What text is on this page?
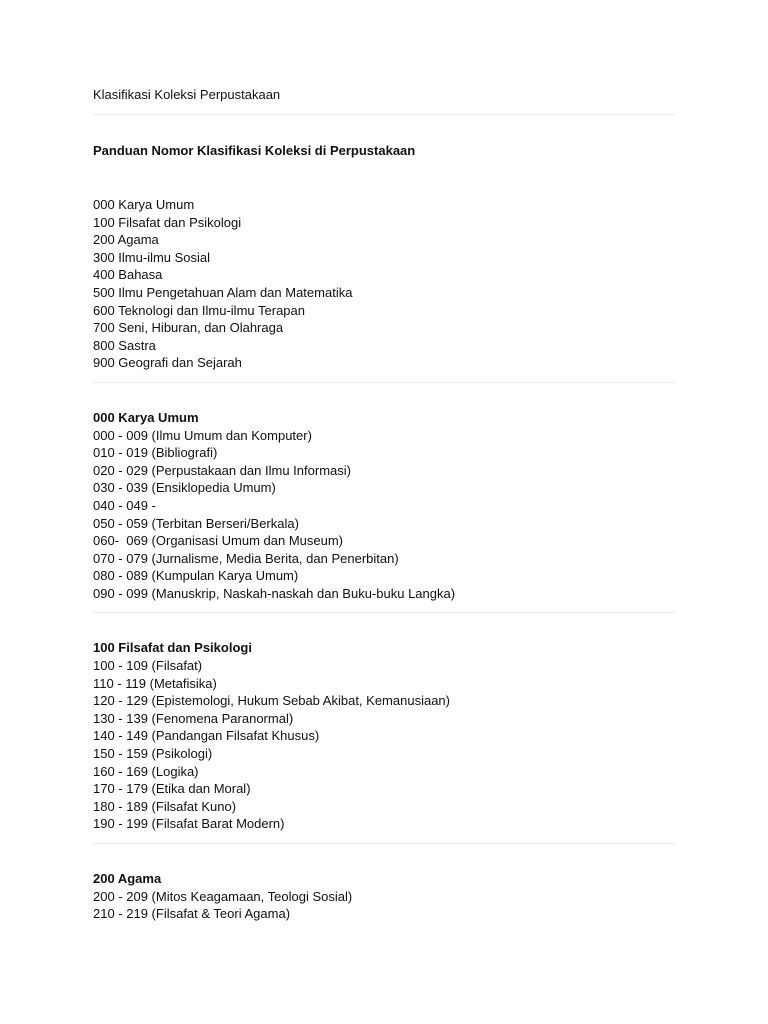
Klasifikasi Koleksi Perpustakaan

Panduan Nomor Klasifikasi Koleksi di Perpustakaan

000 Karya Umum
100 Filsafat dan Psikologi
200 Agama
300 Ilmu-ilmu Sosial
400 Bahasa
500 Ilmu Pengetahuan Alam dan Matematika
600 Teknologi dan Ilmu-ilmu Terapan
700 Seni, Hiburan, dan Olahraga
800 Sastra
900 Geografi dan Sejarah

000 Karya Umum

000 - 009 (Ilmu Umum dan Komputer)
010 - 019 (Bibliografi)
020 - 029 (Perpustakaan dan Ilmu Informasi)
030 - 039 (Ensiklopedia Umum)
040 - 049 -
050 - 059 (Terbitan Berseri/Berkala)
060-  069 (Organisasi Umum dan Museum)
070 - 079 (Jurnalisme, Media Berita, dan Penerbitan)
080 - 089 (Kumpulan Karya Umum)
090 - 099 (Manuskrip, Naskah-naskah dan Buku-buku Langka)

100 Filsafat dan Psikologi

100 - 109 (Filsafat)
110 - 119 (Metafisika)
120 - 129 (Epistemologi, Hukum Sebab Akibat, Kemanusiaan)
130 - 139 (Fenomena Paranormal)
140 - 149 (Pandangan Filsafat Khusus)
150 - 159 (Psikologi)
160 - 169 (Logika)
170 - 179 (Etika dan Moral)
180 - 189 (Filsafat Kuno)
190 - 199 (Filsafat Barat Modern)

200 Agama

200 - 209 (Mitos Keagamaan, Teologi Sosial)
210 - 219 (Filsafat & Teori Agama)
